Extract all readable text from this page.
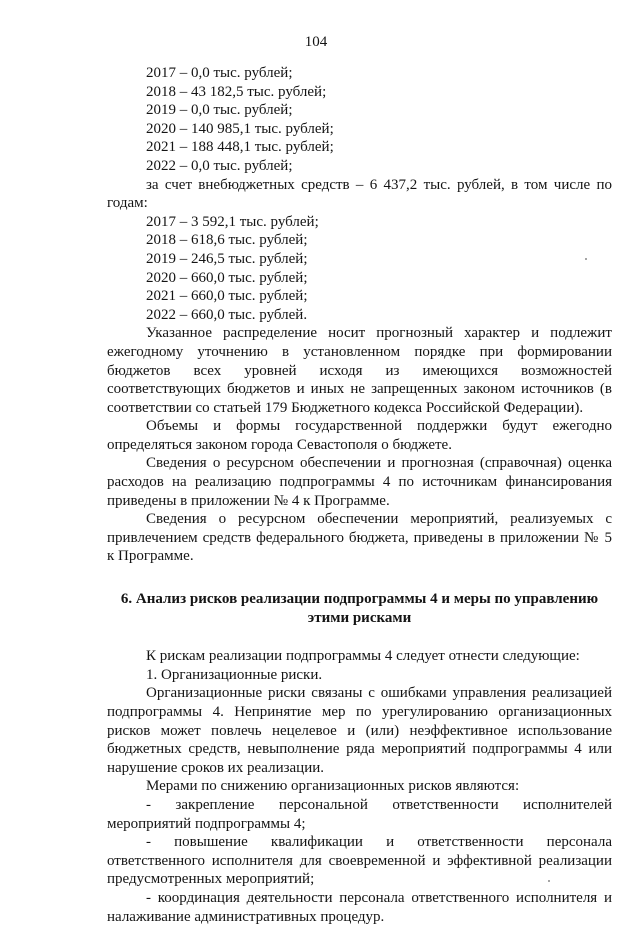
104

2017 – 0,0 тыс. рублей;

2018 – 43 182,5 тыс. рублей;

2019 – 0,0 тыс. рублей;

2020 – 140 985,1 тыс. рублей;

2021 – 188 448,1 тыс. рублей;

2022 – 0,0 тыс. рублей;

за счет внебюджетных средств – 6 437,2 тыс. рублей, в том числе по годам:

2017 – 3 592,1 тыс. рублей;

2018 – 618,6 тыс. рублей;

2019 – 246,5 тыс. рублей;

2020 – 660,0 тыс. рублей;

2021 – 660,0 тыс. рублей;

2022 – 660,0 тыс. рублей.

Указанное распределение носит прогнозный характер и подлежит ежегодному уточнению в установленном порядке при формировании бюджетов всех уровней исходя из имеющихся возможностей соответствующих бюджетов и иных не запрещенных законом источников (в соответствии со статьей 179 Бюджетного кодекса Российской Федерации).

Объемы и формы государственной поддержки будут ежегодно определяться законом города Севастополя о бюджете.

Сведения о ресурсном обеспечении и прогнозная (справочная) оценка расходов на реализацию подпрограммы 4 по источникам финансирования приведены в приложении № 4 к Программе.

Сведения о ресурсном обеспечении мероприятий, реализуемых с привлечением средств федерального бюджета, приведены в приложении № 5 к Программе.

6. Анализ рисков реализации подпрограммы 4 и меры по управлению этими рисками

К рискам реализации подпрограммы 4 следует отнести следующие:

1. Организационные риски.

Организационные риски связаны с ошибками управления реализацией подпрограммы 4. Непринятие мер по урегулированию организационных рисков может повлечь нецелевое и (или) неэффективное использование бюджетных средств, невыполнение ряда мероприятий подпрограммы 4 или нарушение сроков их реализации.

Мерами по снижению организационных рисков являются:

- закрепление персональной ответственности исполнителей мероприятий подпрограммы 4;

- повышение квалификации и ответственности персонала ответственного исполнителя для своевременной и эффективной реализации предусмотренных мероприятий;

- координация деятельности персонала ответственного исполнителя и налаживание административных процедур.
